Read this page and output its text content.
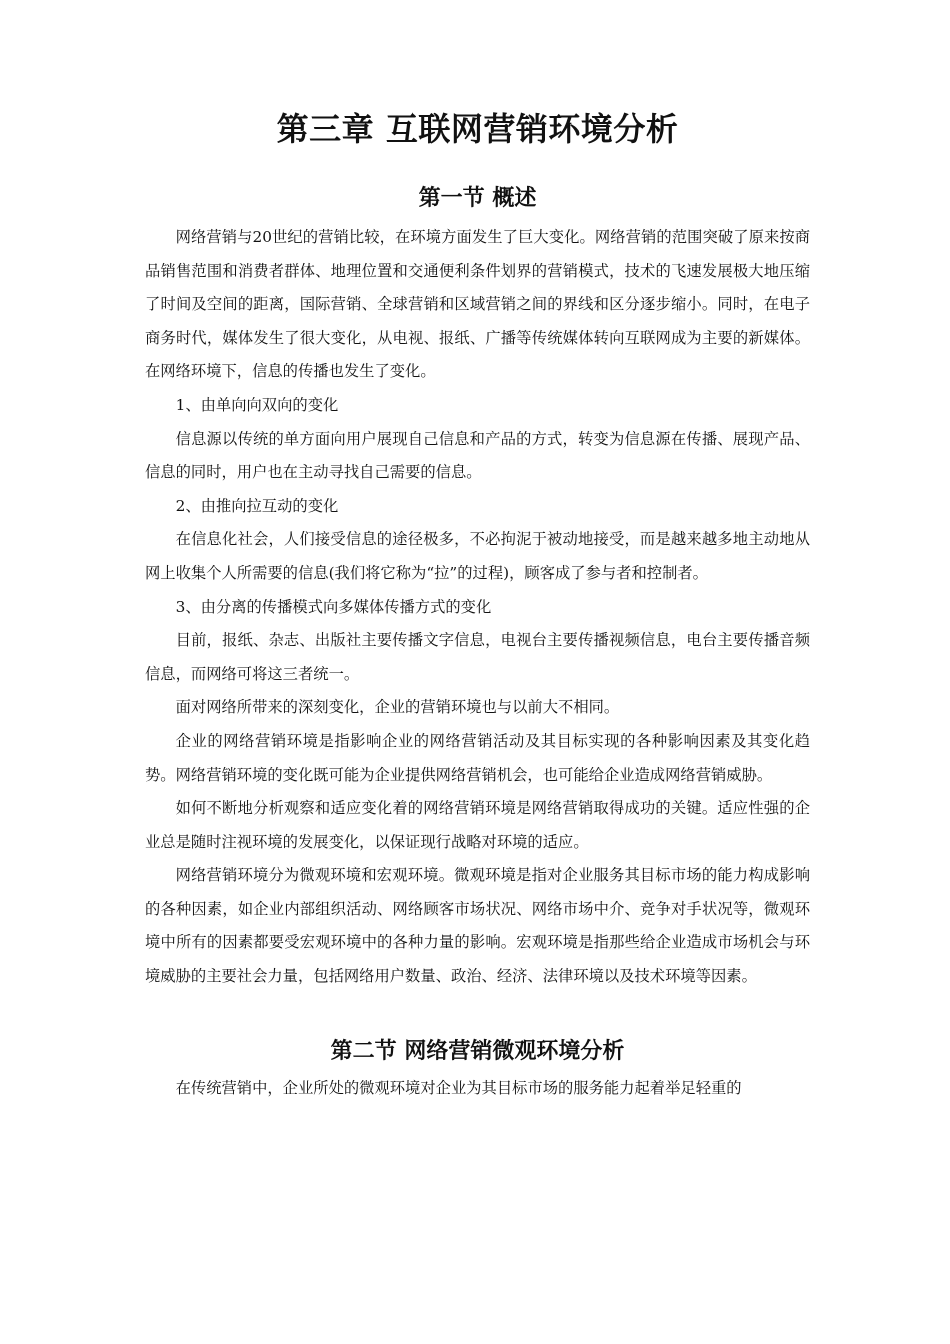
第三章 互联网营销环境分析
第一节 概述

网络营销与20世纪的营销比较，在环境方面发生了巨大变化。网络营销的范围突破了原来按商品销售范围和消费者群体、地理位置和交通便利条件划界的营销模式，技术的飞速发展极大地压缩了时间及空间的距离，国际营销、全球营销和区域营销之间的界线和区分逐步缩小。同时，在电子商务时代，媒体发生了很大变化，从电视、报纸、广播等传统媒体转向互联网成为主要的新媒体。在网络环境下，信息的传播也发生了变化。

1、由单向向双向的变化

信息源以传统的单方面向用户展现自己信息和产品的方式，转变为信息源在传播、展现产品、信息的同时，用户也在主动寻找自己需要的信息。

2、由推向拉互动的变化

在信息化社会，人们接受信息的途径极多，不必拘泥于被动地接受，而是越来越多地主动地从网上收集个人所需要的信息(我们将它称为“拉”的过程)，顾客成了参与者和控制者。

3、由分离的传播模式向多媒体传播方式的变化

目前，报纸、杂志、出版社主要传播文字信息，电视台主要传播视频信息，电台主要传播音频信息，而网络可将这三者统一。

面对网络所带来的深刻变化，企业的营销环境也与以前大不相同。

企业的网络营销环境是指影响企业的网络营销活动及其目标实现的各种影响因素及其变化趋势。网络营销环境的变化既可能为企业提供网络营销机会，也可能给企业造成网络营销威胁。

如何不断地分析观察和适应变化着的网络营销环境是网络营销取得成功的关键。适应性强的企业总是随时注视环境的发展变化，以保证现行战略对环境的适应。

网络营销环境分为微观环境和宏观环境。微观环境是指对企业服务其目标市场的能力构成影响的各种因素，如企业内部组织活动、网络顾客市场状况、网络市场中介、竞争对手状况等，微观环境中所有的因素都要受宏观环境中的各种力量的影响。宏观环境是指那些给企业造成市场机会与环境威胁的主要社会力量，包括网络用户数量、政治、经济、法律环境以及技术环境等因素。

第二节 网络营销微观环境分析

在传统营销中，企业所处的微观环境对企业为其目标市场的服务能力起着举足轻重的
